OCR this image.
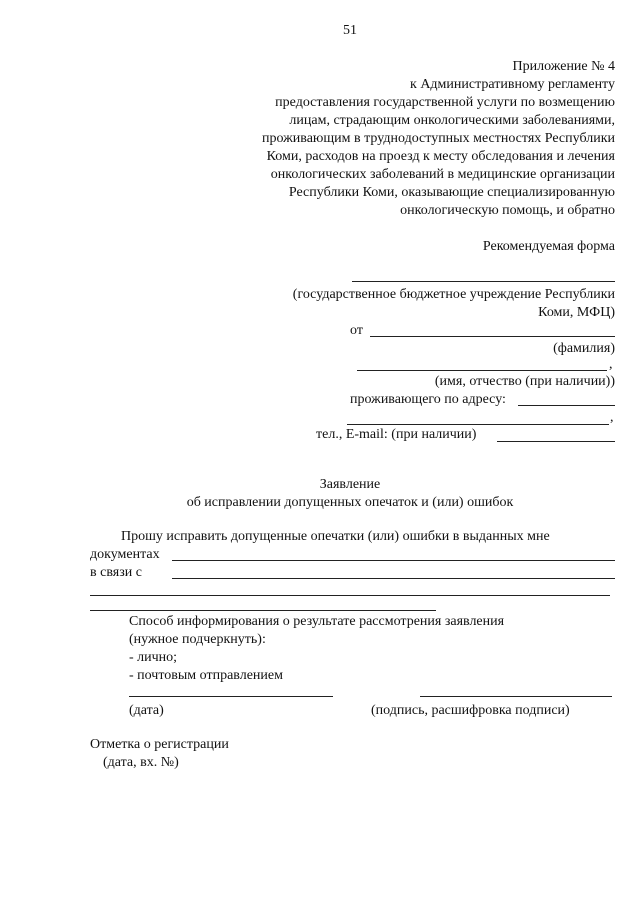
51
Приложение № 4
к Административному регламенту
предоставления государственной услуги по возмещению
лицам, страдающим онкологическими заболеваниями,
проживающим в труднодоступных местностях Республики
Коми, расходов на проезд к месту обследования и лечения
онкологических заболеваний в медицинские организации
Республики Коми, оказывающие специализированную
онкологическую помощь, и обратно
Рекомендуемая форма
(государственное бюджетное учреждение Республики
Коми, МФЦ)
от
(фамилия)
,
(имя, отчество (при наличии))
проживающего по адресу:
,
тел., E-mail: (при наличии)
Заявление
об исправлении допущенных опечаток и (или) ошибок
Прошу исправить допущенные опечатки (или) ошибки в выданных мне
документах
в связи с
Способ информирования о результате рассмотрения заявления
(нужное подчеркнуть):
- лично;
- почтовым отправлением
(дата)	(подпись, расшифровка подписи)
Отметка о регистрации
(дата, вх. №)
